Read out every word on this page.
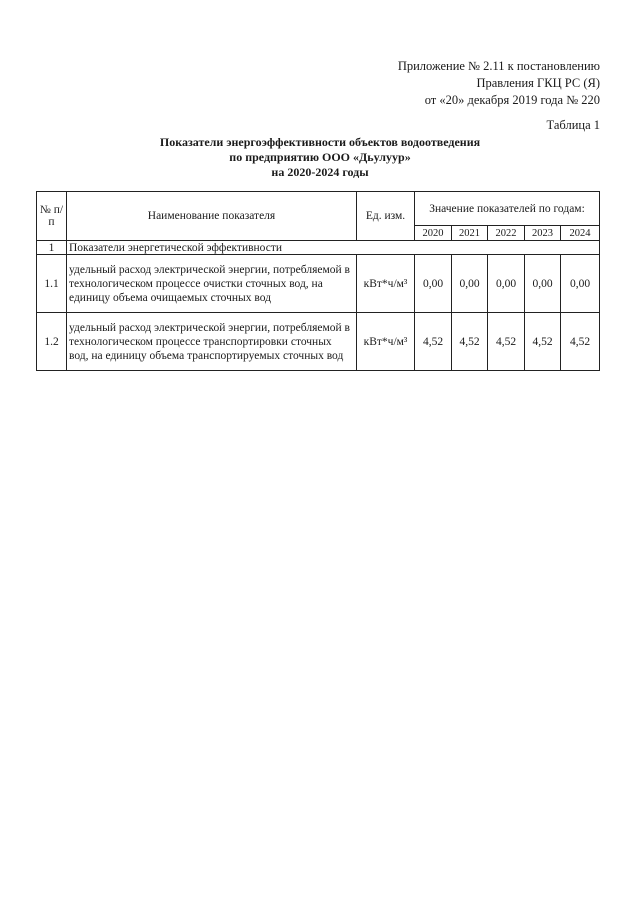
Приложение № 2.11 к постановлению
Правления ГКЦ РС (Я)
от «20» декабря 2019 года № 220
Таблица 1
Показатели энергоэффективности объектов водоотведения
по предприятию ООО «Дьулуур»
на 2020-2024 годы
№ п/п	Наименование показателя	Ед. изм.	Значение показателей по годам:				
			2020	2021	2022	2023	2024
1	Показатели энергетической эффективности						
1.1	удельный расход электрической энергии, потребляемой в технологическом процессе очистки сточных вод, на единицу объема очищаемых сточных вод	кВт*ч/м³	0,00	0,00	0,00	0,00	0,00
1.2	удельный расход электрической энергии, потребляемой в технологическом процессе транспортировки сточных вод, на единицу объема транспортируемых сточных вод	кВт*ч/м³	4,52	4,52	4,52	4,52	4,52
